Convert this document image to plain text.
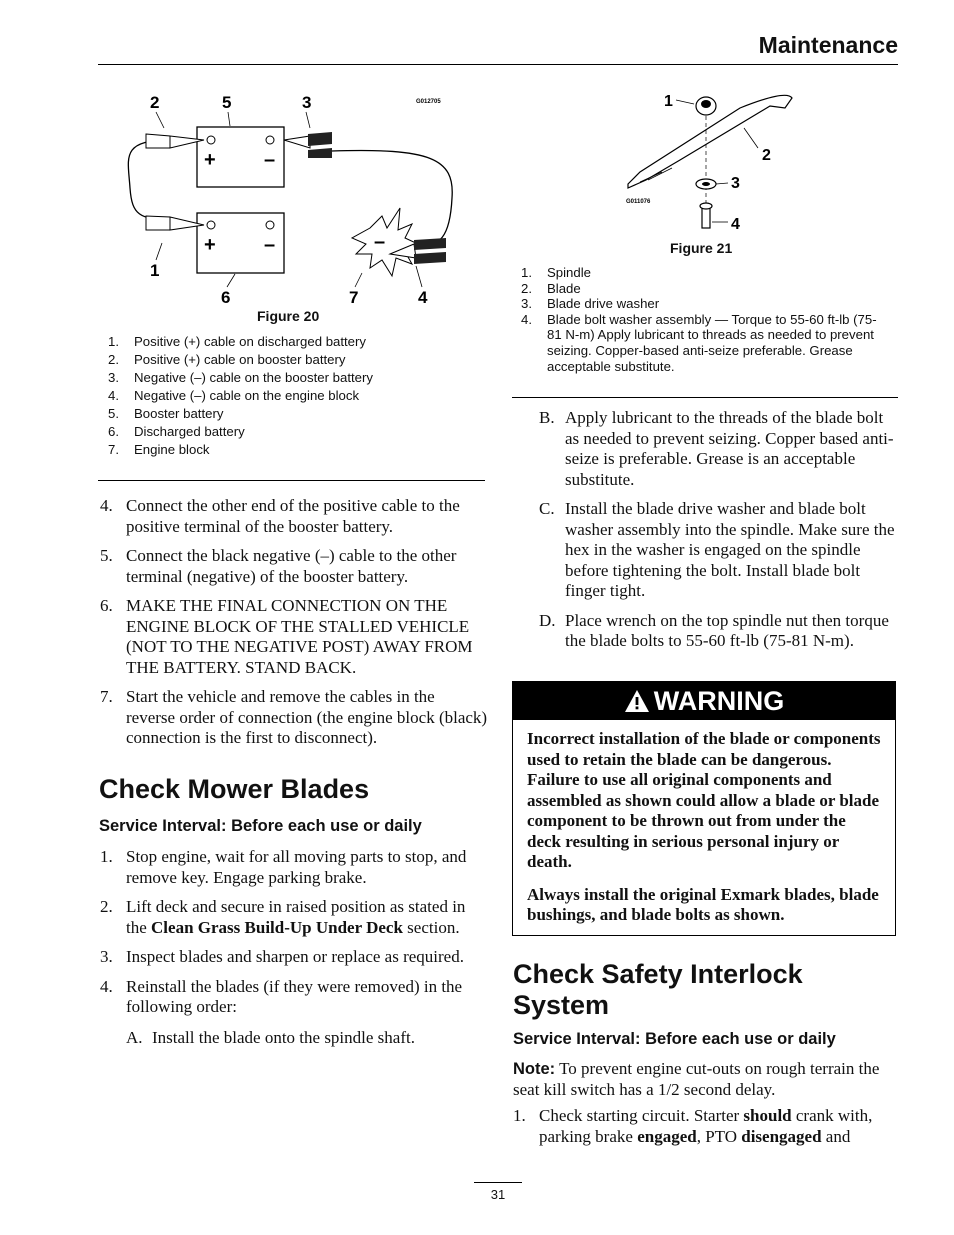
Maintenance
2	5	3
1
6	7	4
G012705
+ –
+ –	–
Figure 20
1. Positive (+) cable on discharged battery
2. Positive (+) cable on booster battery
3. Negative (–) cable on the booster battery
4. Negative (–) cable on the engine block
5. Booster battery
6. Discharged battery
7. Engine block
4. Connect the other end of the positive cable to the positive terminal of the booster battery.
5. Connect the black negative (–) cable to the other terminal (negative) of the booster battery.
6. MAKE THE FINAL CONNECTION ON THE ENGINE BLOCK OF THE STALLED VEHICLE (NOT TO THE NEGATIVE POST) AWAY FROM THE BATTERY. STAND BACK.
7. Start the vehicle and remove the cables in the reverse order of connection (the engine block (black) connection is the first to disconnect).
Check Mower Blades
Service Interval: Before each use or daily
1. Stop engine, wait for all moving parts to stop, and remove key. Engage parking brake.
2. Lift deck and secure in raised position as stated in the Clean Grass Build-Up Under Deck section.
3. Inspect blades and sharpen or replace as required.
4. Reinstall the blades (if they were removed) in the following order:
A. Install the blade onto the spindle shaft.
1
2
3
4
G011076
Figure 21
1. Spindle
2. Blade
3. Blade drive washer
4. Blade bolt washer assembly — Torque to 55-60 ft-lb (75-81 N-m) Apply lubricant to threads as needed to prevent seizing. Copper-based anti-seize preferable. Grease acceptable substitute.
B. Apply lubricant to the threads of the blade bolt as needed to prevent seizing. Copper based anti-seize is preferable. Grease is an acceptable substitute.
C. Install the blade drive washer and blade bolt washer assembly into the spindle. Make sure the hex in the washer is engaged on the spindle before tightening the bolt. Install blade bolt finger tight.
D. Place wrench on the top spindle nut then torque the blade bolts to 55-60 ft-lb (75-81 N-m).
WARNING

Incorrect installation of the blade or components used to retain the blade can be dangerous. Failure to use all original components and assembled as shown could allow a blade or blade component to be thrown out from under the deck resulting in serious personal injury or death.

Always install the original Exmark blades, blade bushings, and blade bolts as shown.

Check Safety Interlock System
Service Interval: Before each use or daily
Note: To prevent engine cut-outs on rough terrain the seat kill switch has a 1/2 second delay.
1. Check starting circuit. Starter should crank with, parking brake engaged, PTO disengaged and
31
